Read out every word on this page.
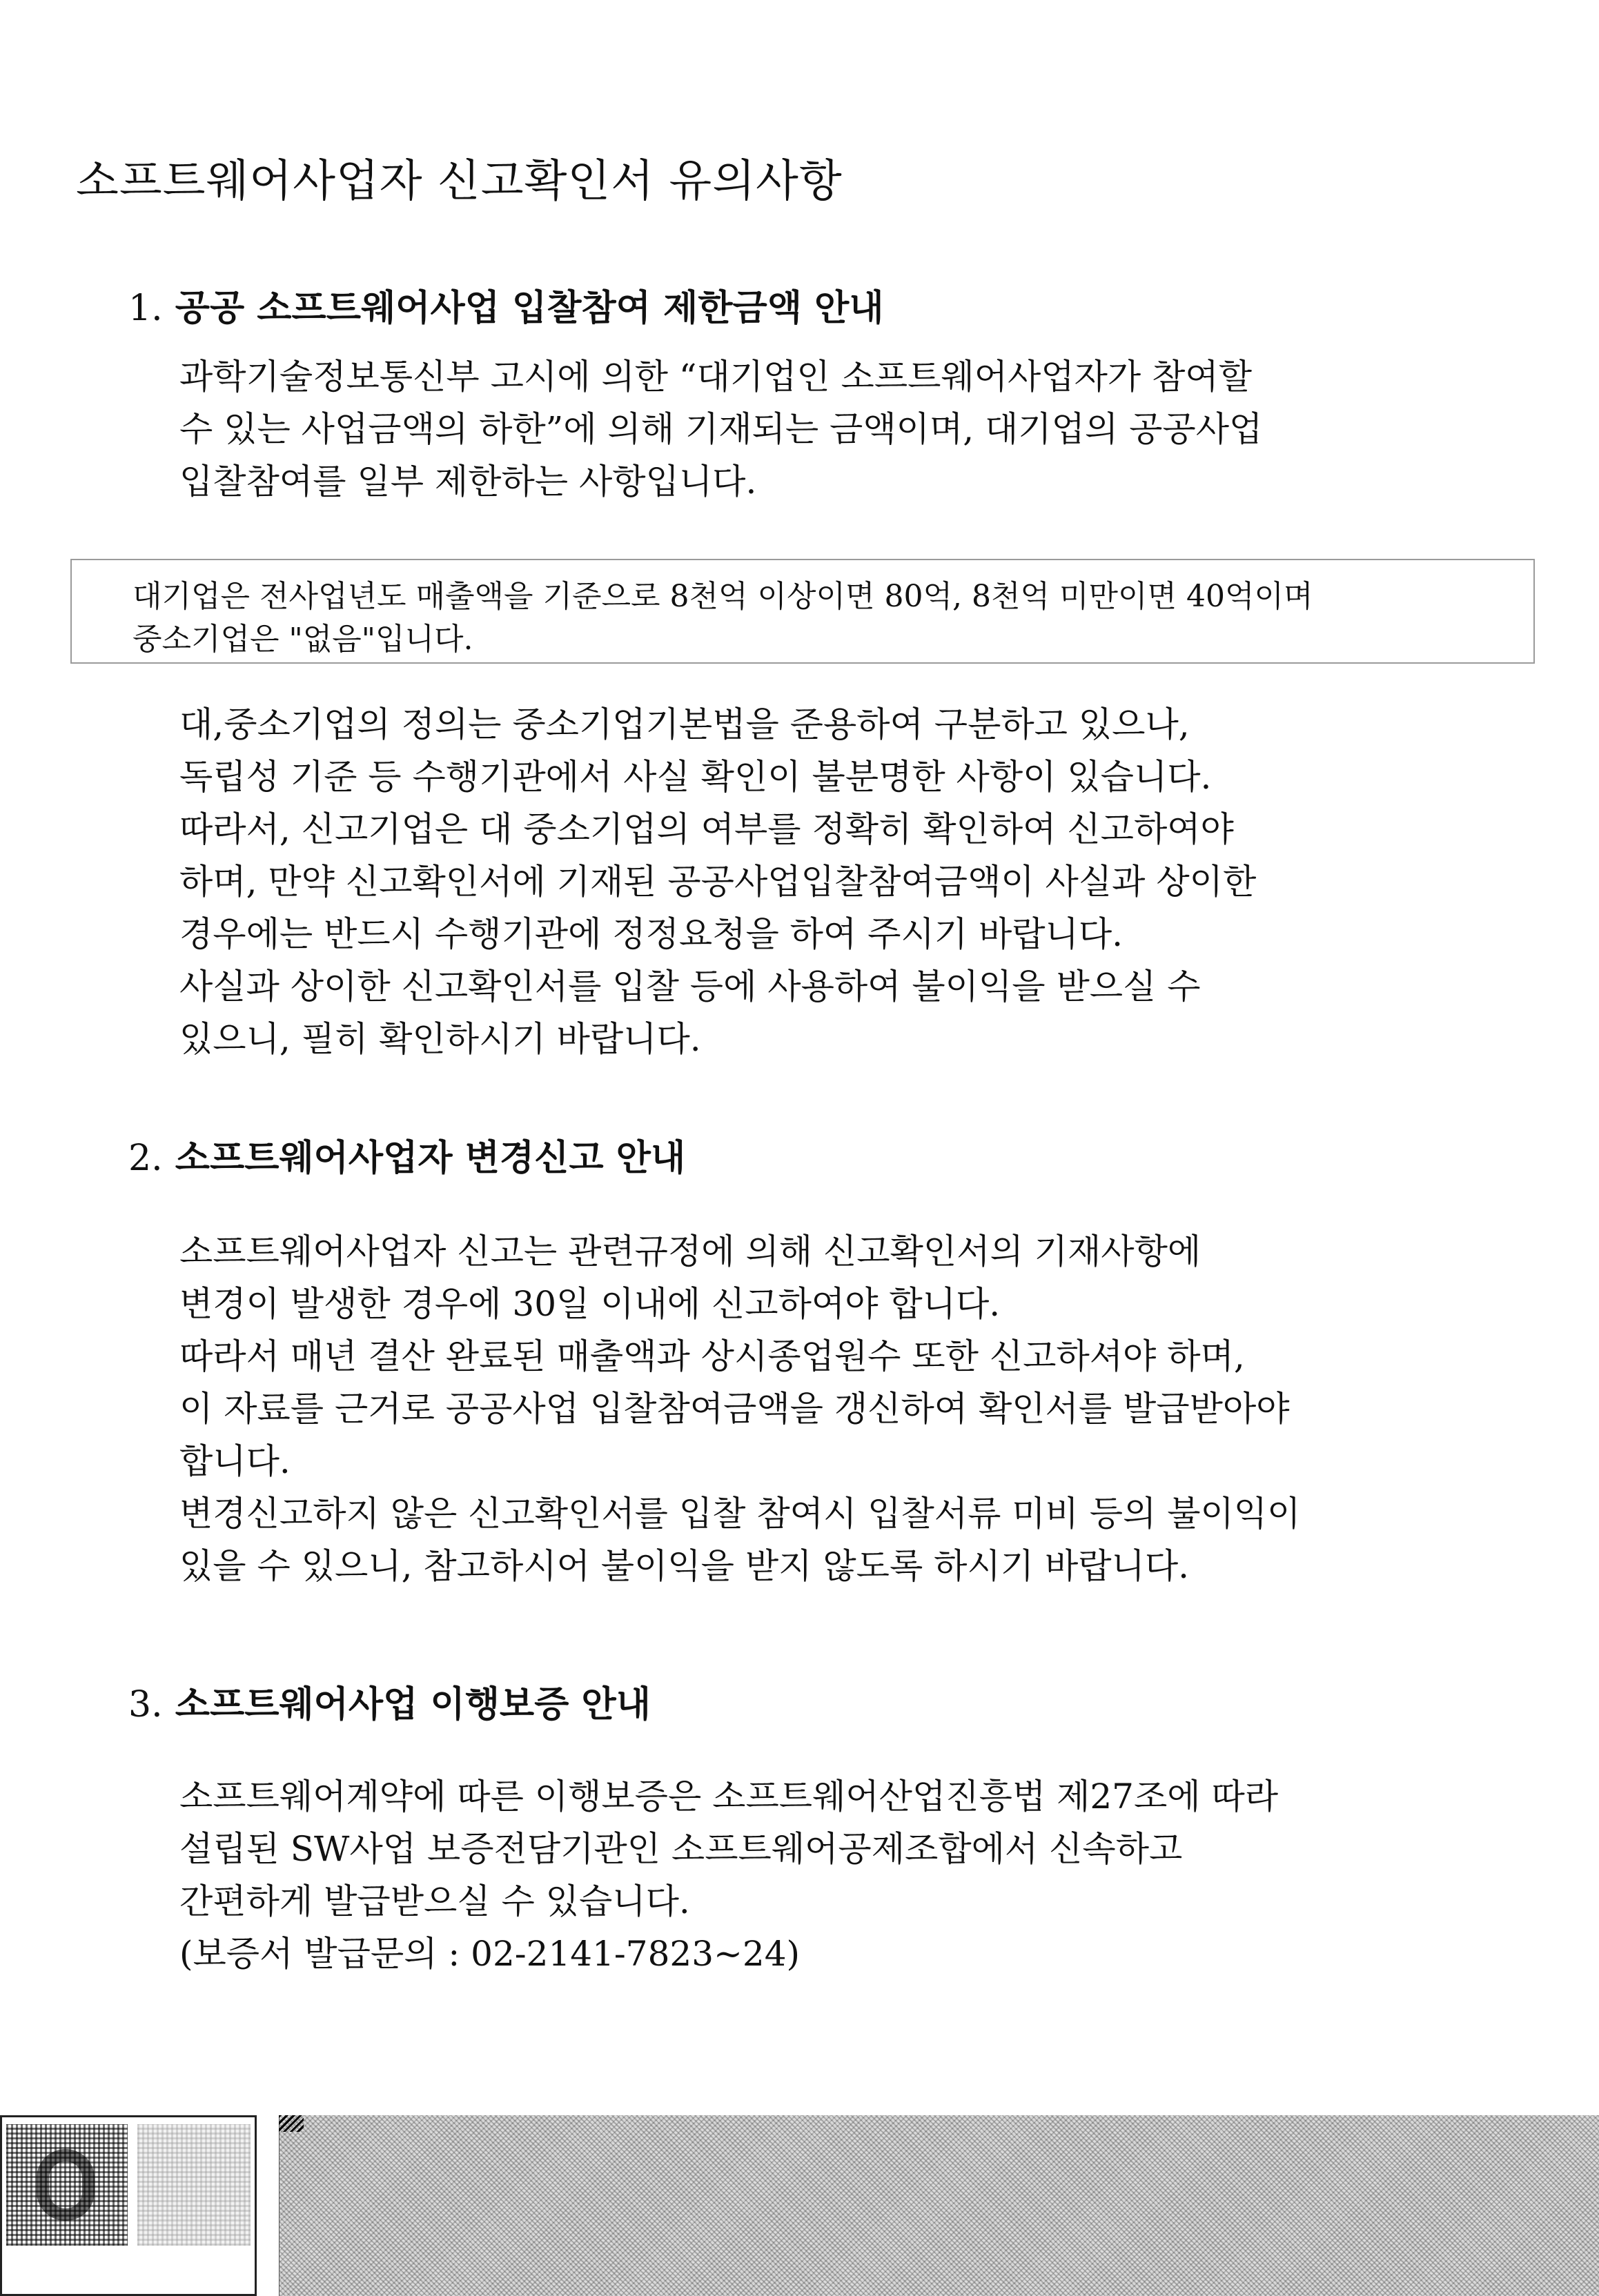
소프트웨어사업자 신고확인서 유의사항
1. 공공 소프트웨어사업 입찰참여 제한금액 안내
과학기술정보통신부 고시에 의한 “대기업인 소프트웨어사업자가 참여할
수 있는 사업금액의 하한”에 의해 기재되는 금액이며, 대기업의 공공사업
입찰참여를 일부 제한하는 사항입니다.
대기업은 전사업년도 매출액을 기준으로 8천억 이상이면 80억, 8천억 미만이면 40억이며
중소기업은 "없음"입니다.
대,중소기업의 정의는 중소기업기본법을 준용하여 구분하고 있으나,
독립성 기준 등 수행기관에서 사실 확인이 불분명한 사항이 있습니다.
따라서, 신고기업은 대 중소기업의 여부를 정확히 확인하여 신고하여야
하며, 만약 신고확인서에 기재된 공공사업입찰참여금액이 사실과 상이한
경우에는 반드시 수행기관에 정정요청을 하여 주시기 바랍니다.
사실과 상이한 신고확인서를 입찰 등에 사용하여 불이익을 받으실 수
있으니, 필히 확인하시기 바랍니다.
2. 소프트웨어사업자 변경신고 안내
소프트웨어사업자 신고는 관련규정에 의해 신고확인서의 기재사항에
변경이 발생한 경우에 30일 이내에 신고하여야 합니다.
따라서 매년 결산 완료된 매출액과 상시종업원수 또한 신고하셔야 하며,
이 자료를 근거로 공공사업 입찰참여금액을 갱신하여 확인서를 발급받아야
합니다.
변경신고하지 않은 신고확인서를 입찰 참여시 입찰서류 미비 등의 불이익이
있을 수 있으니, 참고하시어 불이익을 받지 않도록 하시기 바랍니다.
3. 소프트웨어사업 이행보증 안내
소프트웨어계약에 따른 이행보증은 소프트웨어산업진흥법 제27조에 따라
설립된 SW사업 보증전담기관인 소프트웨어공제조합에서 신속하고
간편하게 발급받으실 수 있습니다.
(보증서 발급문의 : 02-2141-7823~24)
